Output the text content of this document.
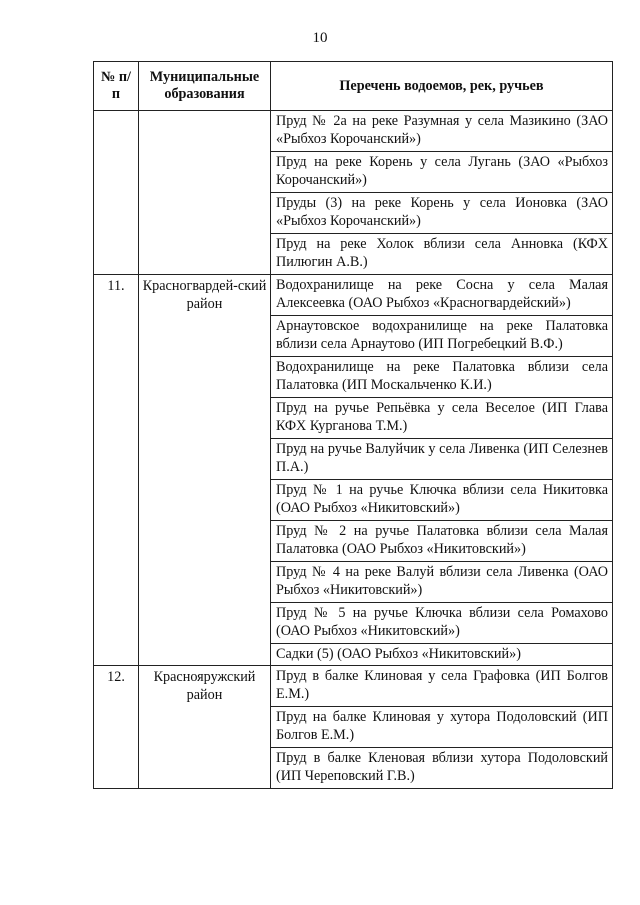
10
№ п/п	Муниципальные образования	Перечень водоемов, рек, ручьев
		Пруд № 2а на реке Разумная у села Мазикино (ЗАО «Рыбхоз Корочанский»)
		Пруд на реке Корень у села Лугань (ЗАО «Рыбхоз Корочанский»)
		Пруды (3) на реке Корень у села Ионовка (ЗАО «Рыбхоз Корочанский»)
		Пруд на реке Холок вблизи села Анновка (КФХ Пилюгин А.В.)
11.	Красногвардей-ский район	Водохранилище на реке Сосна у села Малая Алексеевка (ОАО Рыбхоз «Красногвардейский»)
		Арнаутовское водохранилище на реке Палатовка вблизи села Арнаутово (ИП Погребецкий В.Ф.)
		Водохранилище на реке Палатовка вблизи села Палатовка (ИП Москальченко К.И.)
		Пруд на ручье Репьёвка у села Веселое (ИП Глава КФХ Курганова Т.М.)
		Пруд на ручье Валуйчик у села Ливенка (ИП Селезнев П.А.)
		Пруд № 1 на ручье Ключка вблизи села Никитовка (ОАО Рыбхоз «Никитовский»)
		Пруд № 2 на ручье Палатовка вблизи села Малая Палатовка (ОАО Рыбхоз «Никитовский»)
		Пруд № 4 на реке Валуй вблизи села Ливенка (ОАО Рыбхоз «Никитовский»)
		Пруд № 5 на ручье Ключка вблизи села Ромахово (ОАО Рыбхоз «Никитовский»)
		Садки (5) (ОАО Рыбхоз «Никитовский»)
12.	Краснояружский район	Пруд в балке Клиновая у села Графовка (ИП Болгов Е.М.)
		Пруд на балке Клиновая у хутора Подоловский (ИП Болгов Е.М.)
		Пруд в балке Кленовая вблизи хутора Подоловский (ИП Череповский Г.В.)
